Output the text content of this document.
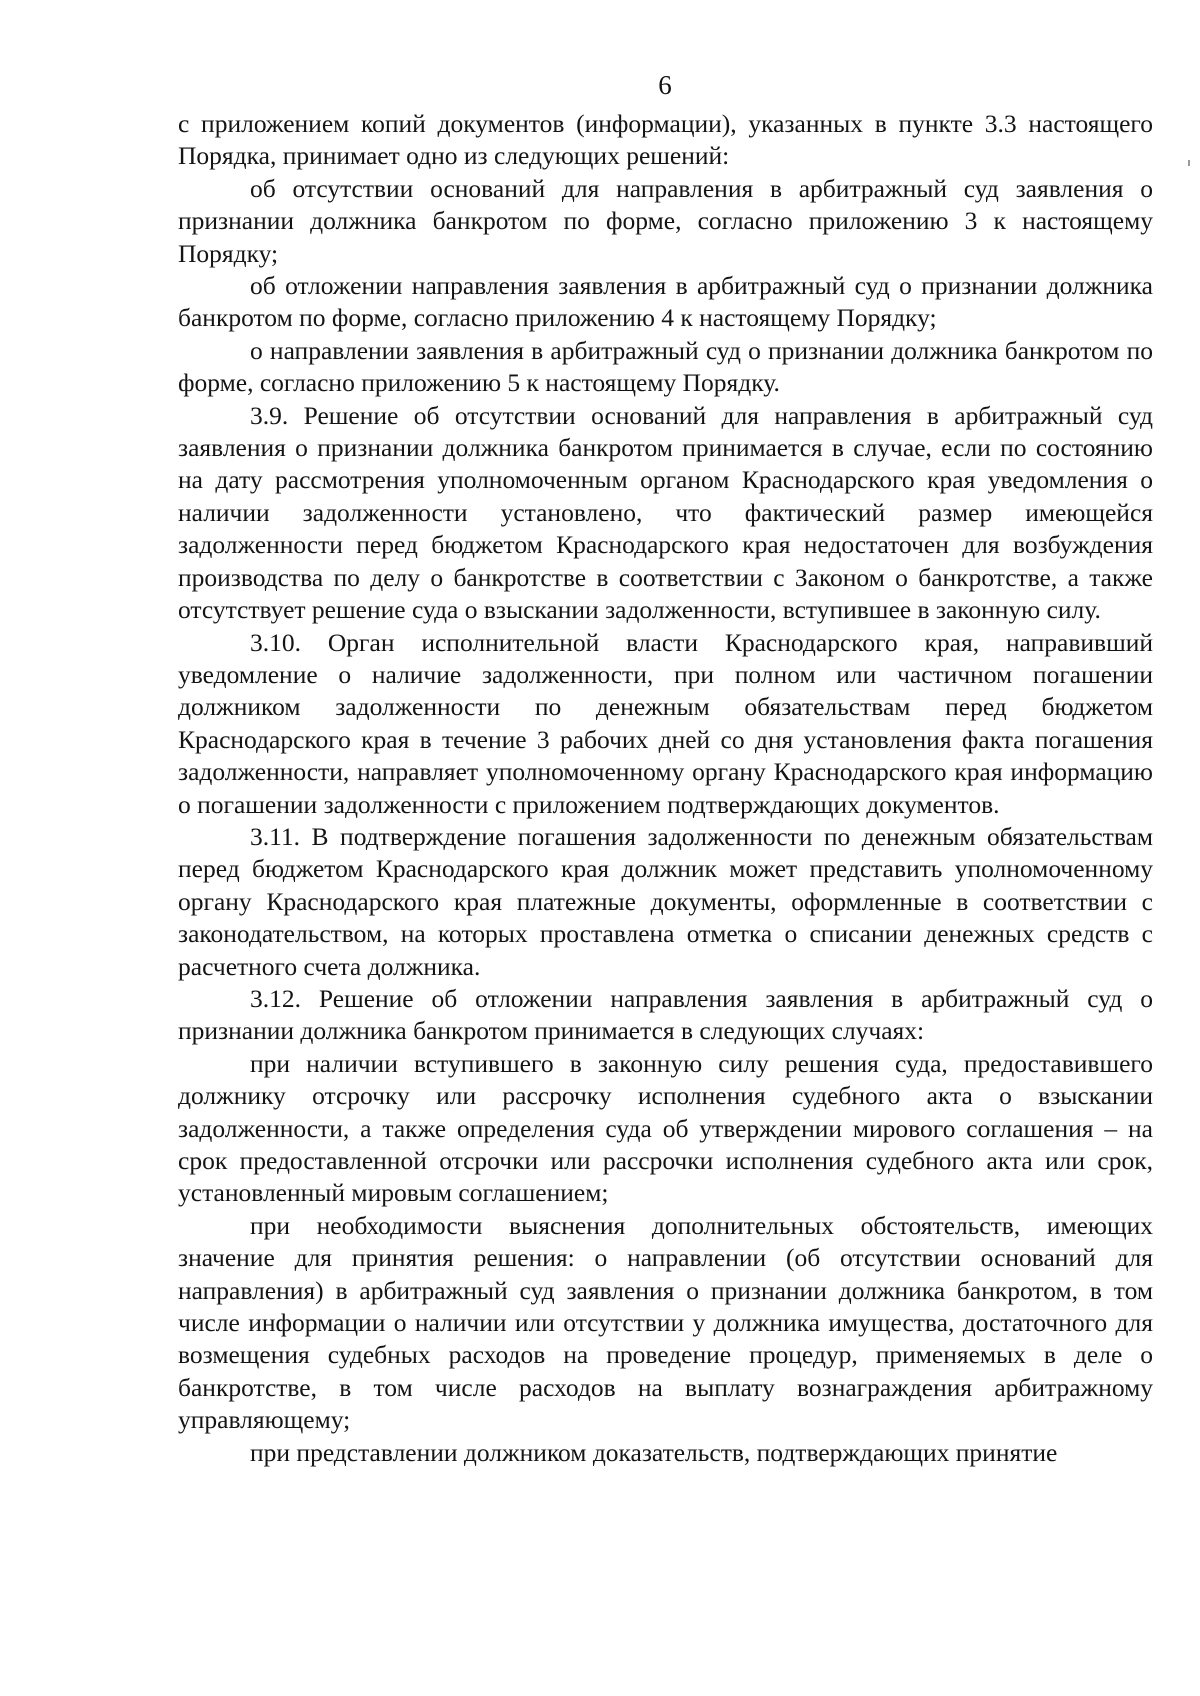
6

с приложением копий документов (информации), указанных в пункте 3.3 настоящего Порядка, принимает одно из следующих решений:

об отсутствии оснований для направления в арбитражный суд заявления о признании должника банкротом по форме, согласно приложению 3 к настоящему Порядку;

об отложении направления заявления в арбитражный суд о признании должника банкротом по форме, согласно приложению 4 к настоящему Порядку;

о направлении заявления в арбитражный суд о признании должника банкротом по форме, согласно приложению 5 к настоящему Порядку.

3.9. Решение об отсутствии оснований для направления в арбитражный суд заявления о признании должника банкротом принимается в случае, если по состоянию на дату рассмотрения уполномоченным органом Краснодарского края уведомления о наличии задолженности установлено, что фактический размер имеющейся задолженности перед бюджетом Краснодарского края недостаточен для возбуждения производства по делу о банкротстве в соответствии с Законом о банкротстве, а также отсутствует решение суда о взыскании задолженности, вступившее в законную силу.

3.10. Орган исполнительной власти Краснодарского края, направивший уведомление о наличие задолженности, при полном или частичном погашении должником задолженности по денежным обязательствам перед бюджетом Краснодарского края в течение 3 рабочих дней со дня установления факта погашения задолженности, направляет уполномоченному органу Краснодарского края информацию о погашении задолженности с приложением подтверждающих документов.

3.11. В подтверждение погашения задолженности по денежным обязательствам перед бюджетом Краснодарского края должник может представить уполномоченному органу Краснодарского края платежные документы, оформленные в соответствии с законодательством, на которых проставлена отметка о списании денежных средств с расчетного счета должника.

3.12. Решение об отложении направления заявления в арбитражный суд о признании должника банкротом принимается в следующих случаях:

при наличии вступившего в законную силу решения суда, предоставившего должнику отсрочку или рассрочку исполнения судебного акта о взыскании задолженности, а также определения суда об утверждении мирового соглашения – на срок предоставленной отсрочки или рассрочки исполнения судебного акта или срок, установленный мировым соглашением;

при необходимости выяснения дополнительных обстоятельств, имеющих значение для принятия решения: о направлении (об отсутствии оснований для направления) в арбитражный суд заявления о признании должника банкротом, в том числе информации о наличии или отсутствии у должника имущества, достаточного для возмещения судебных расходов на проведение процедур, применяемых в деле о банкротстве, в том числе расходов на выплату вознаграждения арбитражному управляющему;

при представлении должником доказательств, подтверждающих принятие
